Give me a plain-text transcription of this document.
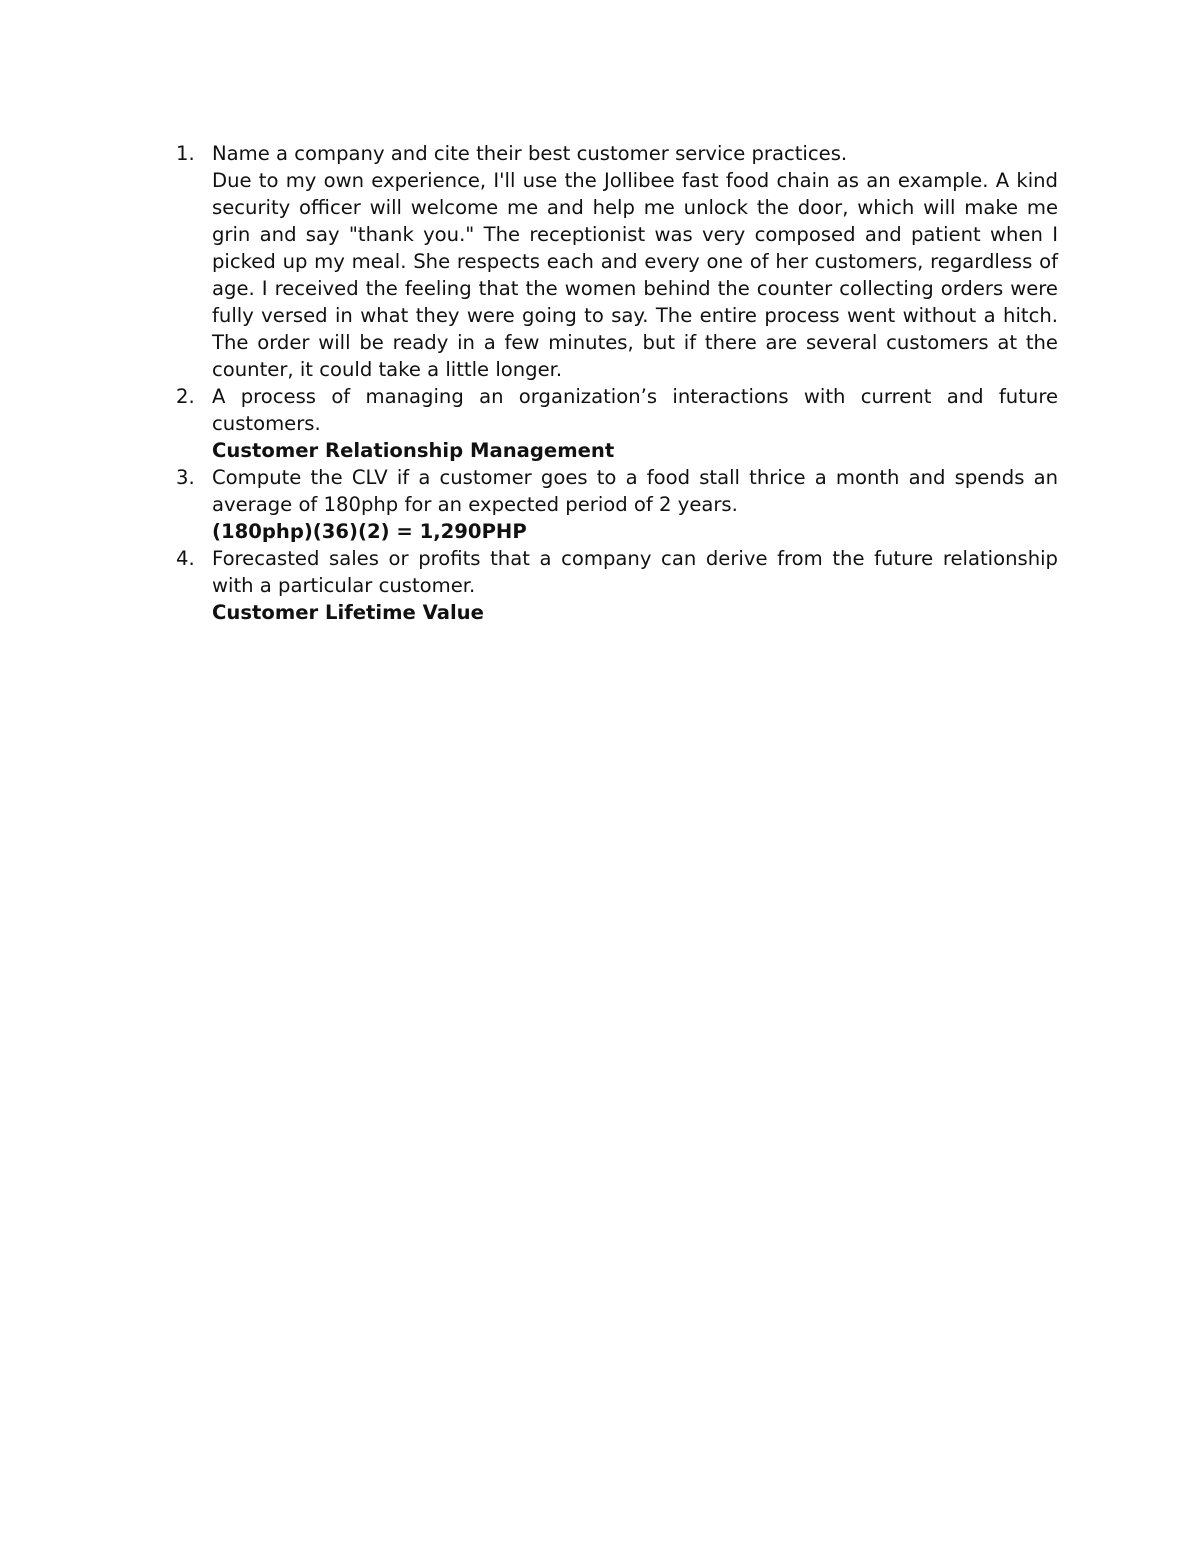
1. Name a company and cite their best customer service practices.
Due to my own experience, I'll use the Jollibee fast food chain as an example. A kind security officer will welcome me and help me unlock the door, which will make me grin and say "thank you." The receptionist was very composed and patient when I picked up my meal. She respects each and every one of her customers, regardless of age. I received the feeling that the women behind the counter collecting orders were fully versed in what they were going to say. The entire process went without a hitch. The order will be ready in a few minutes, but if there are several customers at the counter, it could take a little longer.
2. A process of managing an organization’s interactions with current and future customers.
Customer Relationship Management
3. Compute the CLV if a customer goes to a food stall thrice a month and spends an average of 180php for an expected period of 2 years.
(180php)(36)(2) = 1,290PHP
4. Forecasted sales or profits that a company can derive from the future relationship with a particular customer.
Customer Lifetime Value
